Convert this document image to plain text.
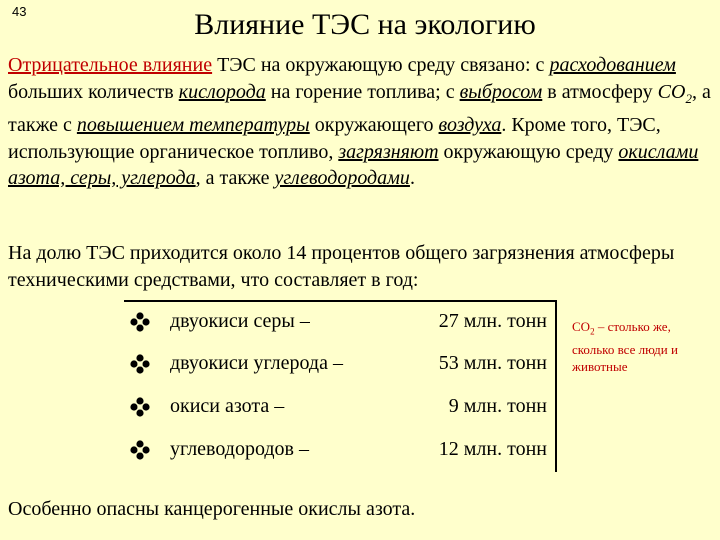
43	Влияние ТЭС на экологию
Отрицательное влияние ТЭС на окружающую среду связано: с расходованием больших количеств кислорода на горение топлива; с выбросом в атмосферу $CO_2$, а также с повышением температуры окружающего воздуха. Кроме того, ТЭС, использующие органическое топливо, загрязняют окружающую среду окислами азота, серы, углерода, а также углеводородами.
На долю ТЭС приходится около 14 процентов общего загрязнения атмосферы техническими средствами, что составляет в год:
двуокиси серы –	27 млн. тонн
двуокиси углерода –	53 млн. тонн
окиси азота –	9 млн. тонн
углеводородов –	12 млн. тонн
$CO_2$ – столько же, сколько все люди и животные
Особенно опасны канцерогенные окислы азота.
